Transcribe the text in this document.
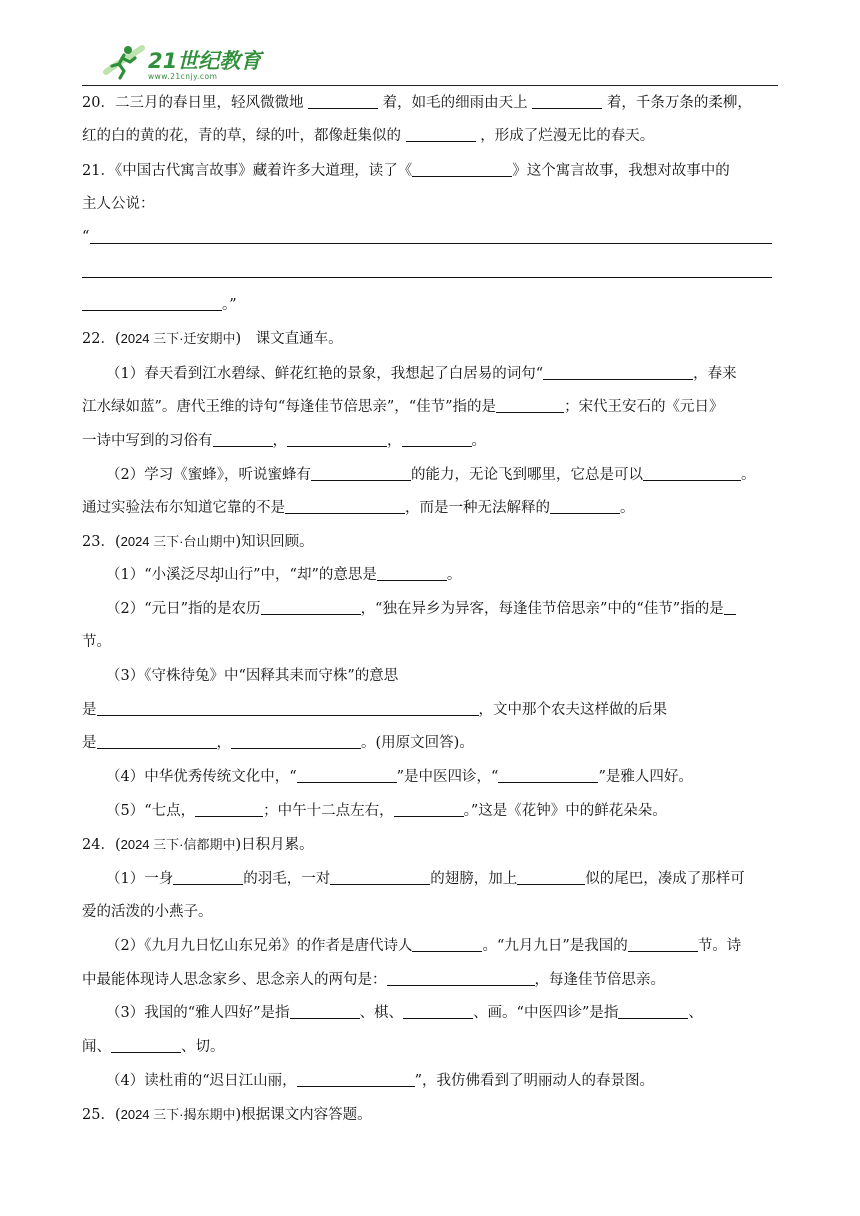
21世纪教育
www.21cnjy.com
20．二三月的春日里，轻风微微地	着，如毛的细雨由天上	着，千条万条的柔柳，
红的白的黄的花，青的草，绿的叶，都像赶集似的	，形成了烂漫无比的春天。
21．《中国古代寓言故事》藏着许多大道理，读了《	》这个寓言故事，我想对故事中的
主人公说：
“
。”
22．(2024 三下·迁安期中)　课文直通车。
（1）春天看到江水碧绿、鲜花红艳的景象，我想起了白居易的词句“	，春来
江水绿如蓝”。唐代王维的诗句“每逢佳节倍思亲”，“佳节”指的是	；宋代王安石的《元日》
一诗中写到的习俗有	，	，	。
（2）学习《蜜蜂》，听说蜜蜂有	的能力，无论飞到哪里，它总是可以	。
通过实验法布尔知道它靠的不是	，而是一种无法解释的	。
23．(2024 三下·台山期中)知识回顾。
（1）“小溪泛尽却山行”中，“却”的意思是	。
（2）“元日”指的是农历	，“独在异乡为异客，每逢佳节倍思亲”中的“佳节”指的是
节。
（3）《守株待兔》中“因释其耒而守株”的意思
是	，文中那个农夫这样做的后果
是	，	。(用原文回答)。
（4）中华优秀传统文化中，“	”是中医四诊，“	”是雅人四好。
（5）“七点，	；中午十二点左右，	。”这是《花钟》中的鲜花朵朵。
24．(2024 三下·信都期中)日积月累。
（1）一身	的羽毛，一对	的翅膀，加上	似的尾巴，凑成了那样可
爱的活泼的小燕子。
（2）《九月九日忆山东兄弟》的作者是唐代诗人	。“九月九日”是我国的	节。诗
中最能体现诗人思念家乡、思念亲人的两句是：	，每逢佳节倍思亲。
（3）我国的“雅人四好”是指	、棋、	、画。“中医四诊”是指	、
闻、	、切。
（4）读杜甫的“迟日江山丽，	”，我仿佛看到了明丽动人的春景图。
25．(2024 三下·揭东期中)根据课文内容答题。
